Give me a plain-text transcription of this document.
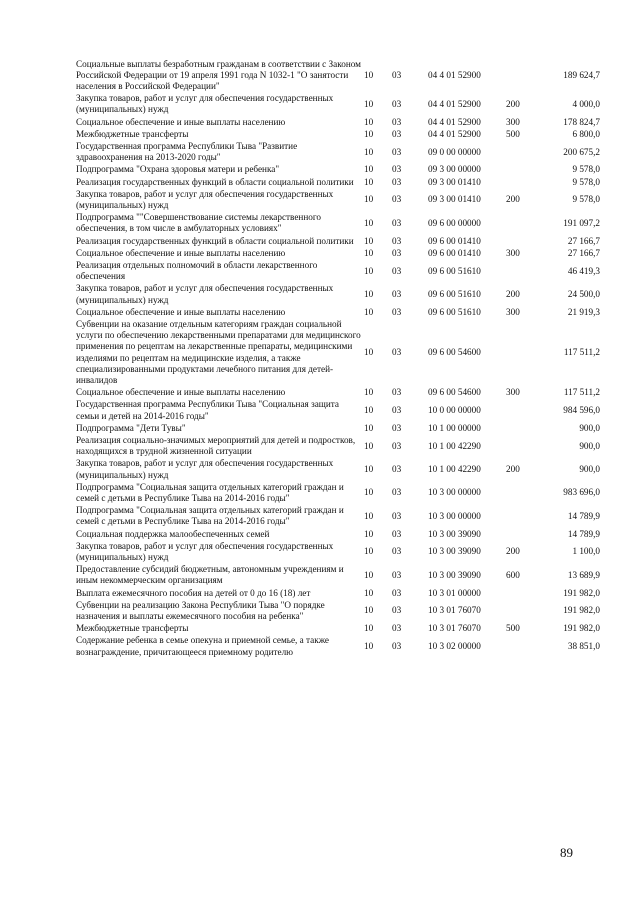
Социальные выплаты безработным гражданам в соответствии с Законом Российской Федерации от 19 апреля 1991 года N 1032-1 "О занятости населения в Российской Федерации"	10	03	04 4 01 52900		189 624,7
Закупка товаров, работ и услуг для обеспечения государственных (муниципальных) нужд	10	03	04 4 01 52900	200	4 000,0
Социальное обеспечение и иные выплаты населению	10	03	04 4 01 52900	300	178 824,7
Межбюджетные трансферты	10	03	04 4 01 52900	500	6 800,0
Государственная программа Республики Тыва "Развитие здравоохранения на 2013-2020 годы"	10	03	09 0 00 00000		200 675,2
Подпрограмма "Охрана здоровья матери и ребенка"	10	03	09 3 00 00000		9 578,0
Реализация государственных функций в области социальной политики	10	03	09 3 00 01410		9 578,0
Закупка товаров, работ и услуг для обеспечения государственных (муниципальных) нужд	10	03	09 3 00 01410	200	9 578,0
Подпрограмма ""Совершенствование системы лекарственного обеспечения, в том числе в амбулаторных условиях"	10	03	09 6 00 00000		191 097,2
Реализация государственных функций в области социальной политики	10	03	09 6 00 01410		27 166,7
Социальное обеспечение и иные выплаты населению	10	03	09 6 00 01410	300	27 166,7
Реализация отдельных полномочий в области лекарственного обеспечения	10	03	09 6 00 51610		46 419,3
Закупка товаров, работ и услуг для обеспечения государственных (муниципальных) нужд	10	03	09 6 00 51610	200	24 500,0
Социальное обеспечение и иные выплаты населению	10	03	09 6 00 51610	300	21 919,3
Субвенции на оказание отдельным категориям граждан социальной услуги по обеспечению лекарственными препаратами для медицинского применения по рецептам на лекарственные препараты, медицинскими изделиями по рецептам на медицинские изделия, а также специализированными продуктами лечебного питания для детей-инвалидов	10	03	09 6 00 54600		117 511,2
Социальное обеспечение и иные выплаты населению	10	03	09 6 00 54600	300	117 511,2
Государственная программа Республики Тыва "Социальная защита семьи и детей на 2014-2016 годы"	10	03	10 0 00 00000		984 596,0
Подпрограмма "Дети Тувы"	10	03	10 1 00 00000		900,0
Реализация социально-значимых мероприятий для детей и подростков, находящихся в трудной жизненной ситуации	10	03	10 1 00 42290		900,0
Закупка товаров, работ и услуг для обеспечения государственных (муниципальных) нужд	10	03	10 1 00 42290	200	900,0
Подпрограмма "Социальная защита отдельных категорий граждан и семей с детьми в Республике Тыва на 2014-2016 годы"	10	03	10 3 00 00000		983 696,0
Подпрограмма "Социальная защита отдельных категорий граждан и семей с детьми в Республике Тыва на 2014-2016 годы"	10	03	10 3 00 00000		14 789,9
Социальная поддержка малообеспеченных семей	10	03	10 3 00 39090		14 789,9
Закупка товаров, работ и услуг для обеспечения государственных (муниципальных) нужд	10	03	10 3 00 39090	200	1 100,0
Предоставление субсидий бюджетным, автономным учреждениям и иным некоммерческим организациям	10	03	10 3 00 39090	600	13 689,9
Выплата ежемесячного пособия на детей от 0 до 16 (18) лет	10	03	10 3 01 00000		191 982,0
Субвенции на реализацию Закона Республики Тыва "О порядке назначения и выплаты ежемесячного пособия на ребенка"	10	03	10 3 01 76070		191 982,0
Межбюджетные трансферты	10	03	10 3 01 76070	500	191 982,0
Содержание ребенка в семье опекуна и приемной семье, а также вознаграждение, причитающееся приемному родителю	10	03	10 3 02 00000		38 851,0
89
